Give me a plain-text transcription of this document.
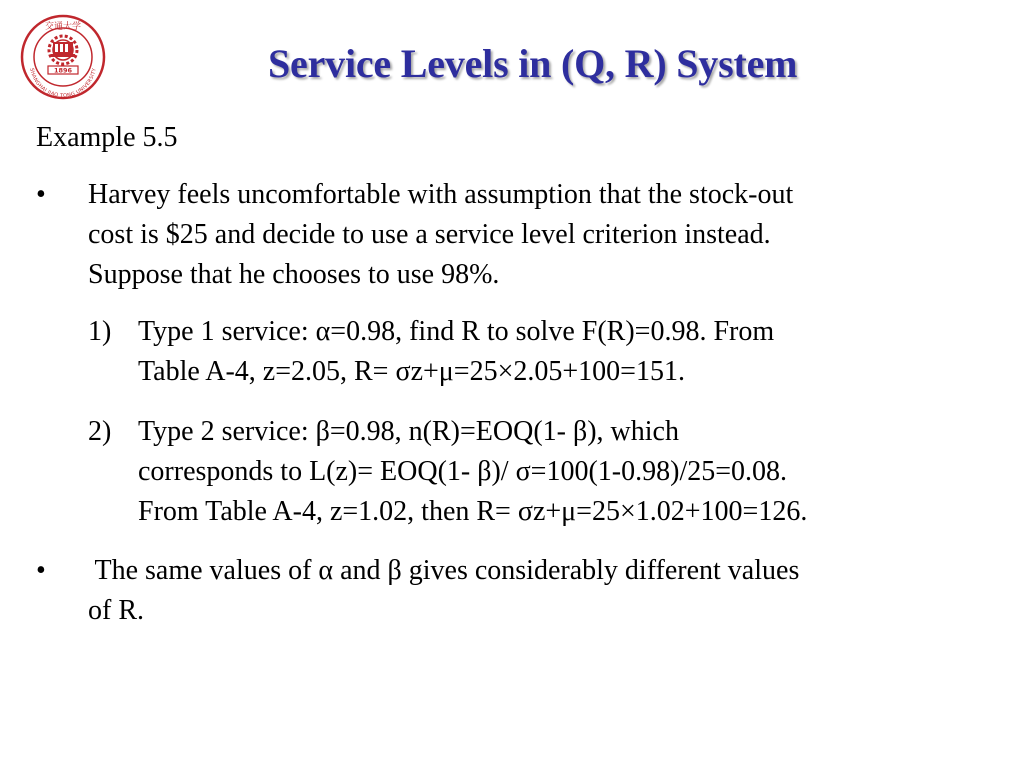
交通大学
SHANGHAI JIAO TONG UNIVERSITY
1896	Service Levels in (Q, R) System
Example 5.5
• Harvey feels uncomfortable with assumption that the stock-out
cost is $25 and decide to use a service level criterion instead.
Suppose that he chooses to use 98%.
1) Type 1 service: α=0.98, find R to solve F(R)=0.98. From
Table A-4, z=2.05, R= σz+μ=25×2.05+100=151.
2) Type 2 service: β=0.98, n(R)=EOQ(1- β), which
corresponds to L(z)= EOQ(1- β)/ σ=100(1-0.98)/25=0.08.
From Table A-4, z=1.02, then R= σz+μ=25×1.02+100=126.
• The same values of α and β gives considerably different values
of R.
